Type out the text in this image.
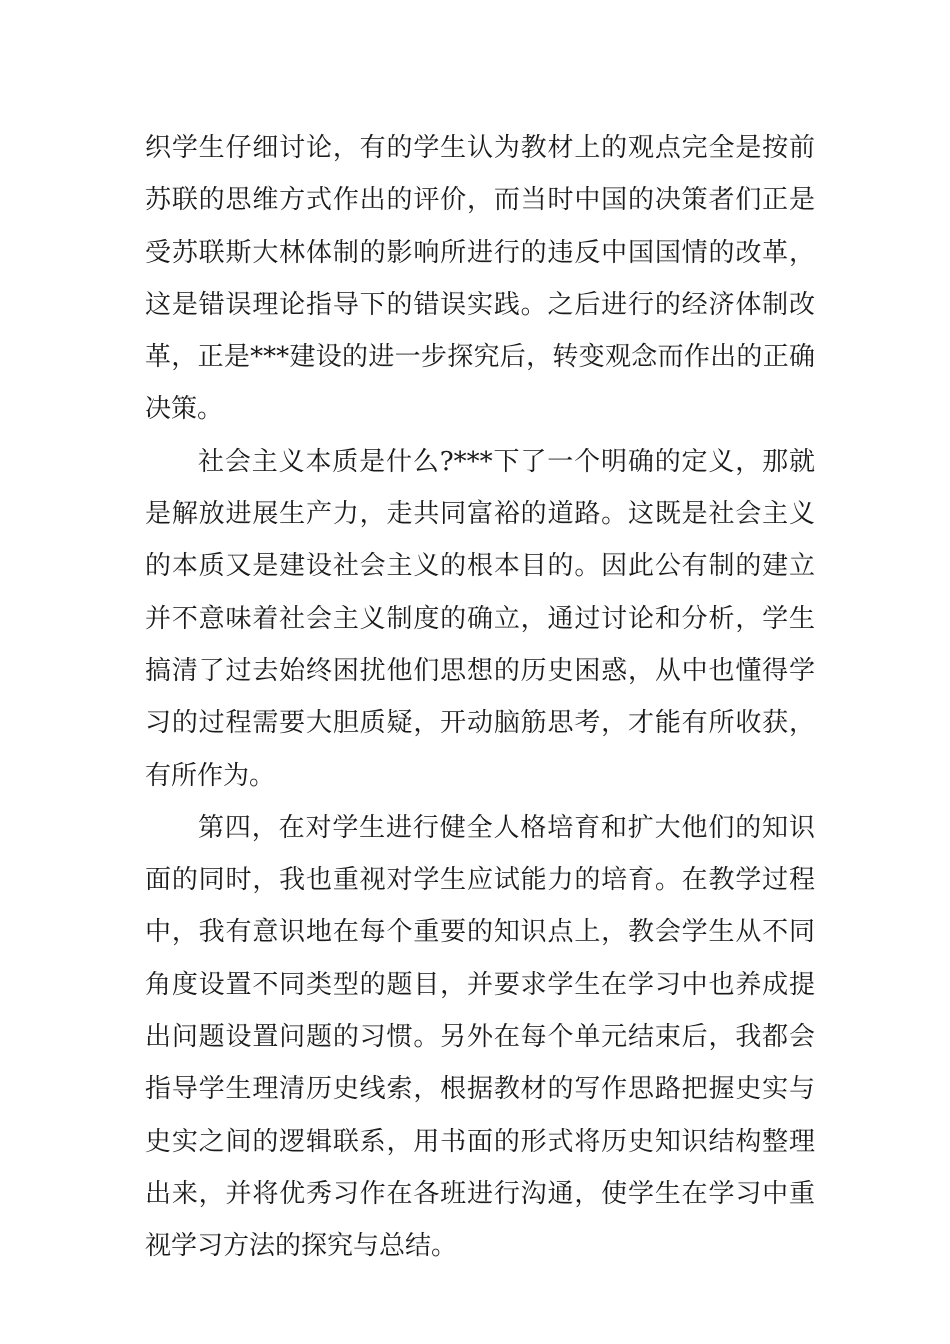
织学生仔细讨论，有的学生认为教材上的观点完全是按前
苏联的思维方式作出的评价，而当时中国的决策者们正是
受苏联斯大林体制的影响所进行的违反中国国情的改革，
这是错误理论指导下的错误实践。之后进行的经济体制改
革，正是***建设的进一步探究后，转变观念而作出的正确
决策。
社会主义本质是什么?***下了一个明确的定义，那就
是解放进展生产力，走共同富裕的道路。这既是社会主义
的本质又是建设社会主义的根本目的。因此公有制的建立
并不意味着社会主义制度的确立，通过讨论和分析，学生
搞清了过去始终困扰他们思想的历史困惑，从中也懂得学
习的过程需要大胆质疑，开动脑筋思考，才能有所收获，
有所作为。
第四，在对学生进行健全人格培育和扩大他们的知识
面的同时，我也重视对学生应试能力的培育。在教学过程
中，我有意识地在每个重要的知识点上，教会学生从不同
角度设置不同类型的题目，并要求学生在学习中也养成提
出问题设置问题的习惯。另外在每个单元结束后，我都会
指导学生理清历史线索，根据教材的写作思路把握史实与
史实之间的逻辑联系，用书面的形式将历史知识结构整理
出来，并将优秀习作在各班进行沟通，使学生在学习中重
视学习方法的探究与总结。
